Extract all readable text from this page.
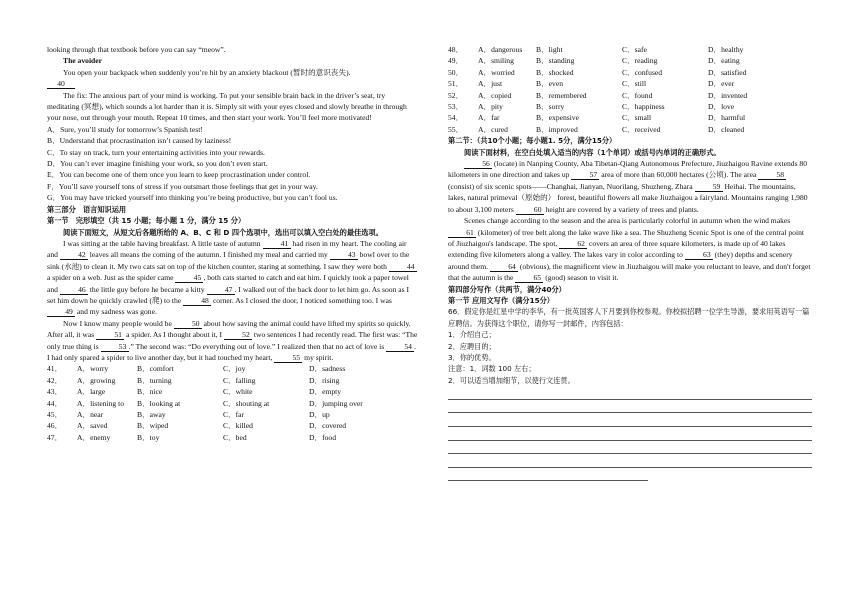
looking through that textbook before you can say “meow”.

The avoider

You open your backpack when suddenly you’re hit by an anxiety blackout (暂时的意识丧失).

40

The fix: The anxious part of your mind is working. To put your sensible brain back in the driver’s seat, try meditating (冥想), which sounds a lot harder than it is. Simply sit with your eyes closed and slowly breathe in through your nose, out through your mouth. Repeat 10 times, and then start your work. You’ll feel more motivated!

A．Sure, you’ll study for tomorrow’s Spanish test!

B．Understand that procrastination isn’t caused by laziness!

C．To stay on track, turn your entertaining activities into your rewards.

D．You can’t ever imagine finishing your work, so you don’t even start.

E．You can become one of them once you learn to keep procrastination under control.

F．You’ll save yourself tons of stress if you outsmart those feelings that get in your way.

G．You may have tricked yourself into thinking you’re being productive, but you can’t fool us.

第三部分　语言知识运用

第一节　完形填空（共 15 小题；每小题 1 分，满分 15 分）

阅读下面短文，从短文后各题所给的 A、B、C 和 D 四个选项中，选出可以填入空白处的最佳选项。

I was sitting at the table having breakfast. A little taste of autumn	41 had risen in my heart. The cooling air and	42 leaves all means the coming of the autumn. I finished my meal and carried my	43 bowl over to the sink (水池) to clean it. My two cats sat on top of the kitchen counter, staring at something. I saw they were both	44 a spider on a web. Just as the spider came	45 , both cats started to catch and eat him. I quickly took a paper towel and	46 the little guy before he became a kitty	47 . I walked out of the back door to let him go. As soon as I set him down he quickly crawled (爬) to the	48 corner. As I closed the door, I noticed something too. I was 49 and my sadness was gone.

Now I know many people would be	50 about how saving the animal could have lifted my spirits so quickly. After all, it was	51 a spider. As I thought about it, I	52 two sentences I had recently read. The first was: “The only true thing is	53 .” The second was: “Do everything out of love.” I realized then that no act of love is	54 . I had only spared a spider to live another day, but it had touched my heart,	55 my spirit.

41．	A．worry	B．comfort	C．joy	D．sadness
42．	A．growing	B．turning	C．falling	D．rising
43．	A．large	B．nice	C．white	D．empty
44．	A．listening to	B．looking at	C．shouting at	D．jumping over
45．	A．near	B．away	C．far	D．up
46．	A．saved	B．wiped	C．killed	D．covered
47．	A．enemy	B．toy	C．bed	D．food
48．	A．dangerous	B．light	C．safe	D．healthy
49．	A．smiling	B．standing	C．reading	D．eating
50．	A．worried	B．shocked	C．confused	D．satisfied
51．	A．just	B．even	C．still	D．ever
52．	A．copied	B．remembered	C．found	D．invented
53．	A．pity	B．sorry	C．happiness	D．love
54．	A．far	B．expensive	C．small	D．harmful
55．	A．cured	B．improved	C．received	D．cleaned

第二节：（共10个小题；每小题1. 5分，满分15分）

阅读下面材料，在空白处填入适当的内容（1个单词）或括号内单词的正确形式。

56 (locate) in Nanping County, Aba Tibetan-Qiang Autonomous Prefecture, Jiuzhaigou Ravine extends 80 kilometers in one direction and takes up	57 area of more than 60,000 hectares (公顷). The area	58 (consist) of six scenic spots——Changhai, Jianyan, Nuorilang, Shuzheng, Zhara	59 Heihai. The mountains, lakes, natural primeval（原始的） forest, beautiful flowers all make Jiuzhaigou a fairyland. Mountains ranging 1,980 to about 3,100 meters	60 height are covered by a variety of trees and plants.

Scenes change according to the season and the area is particularly colorful in autumn when the wind makes 61 (kilometer) of tree belt along the lake wave like a sea. The Shuzheng Scenic Spot is one of the central point of Jiuzhaigou's landscape. The spot,	62 covers an area of three square kilometers, is made up of 40 lakes extending five kilometers along a valley. The lakes vary in color according to	63 (they) depths and scenery around them.	64 (obvious), the magnificent view in Jiuzhaigou will make you reluctant to leave, and don't forget that the autumn is the	65 (good) season to visit it.

第四部分写作（共两节，满分40分）

第一节 应用文写作（满分15分）

66．假定你是红星中学的李华，有一批英国客人下月要到你校参观。你校拟招聘一位学生导游，要求用英语写一篇应聘信。为获得这个职位，请你写一封邮件，内容包括：

1．介绍自己；

2．应聘目的；

3．你的优势。

注意：1．词数 100 左右；

2．可以适当增加细节，以使行文连贯。
